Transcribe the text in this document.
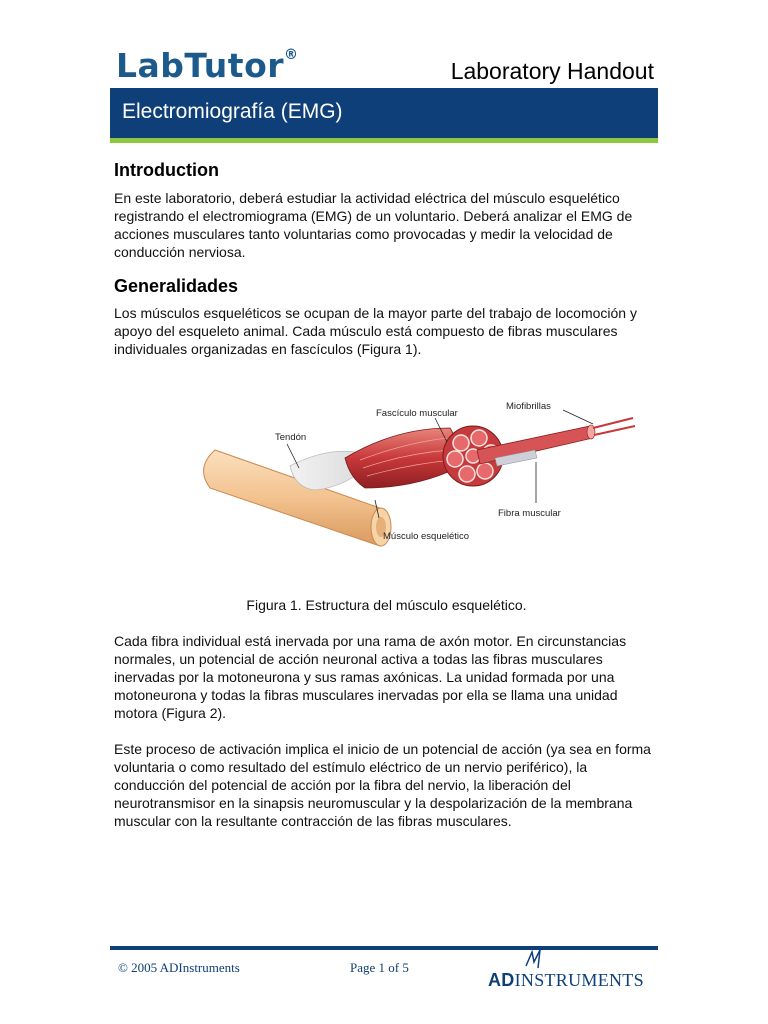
LabTutor®
Laboratory Handout
Electromiografía (EMG)
Introduction

En este laboratorio, deberá estudiar la actividad eléctrica del músculo esquelético registrando el electromiograma (EMG) de un voluntario. Deberá analizar el EMG de acciones musculares tanto voluntarias como provocadas y medir la velocidad de conducción nerviosa.

Generalidades

Los músculos esqueléticos se ocupan de la mayor parte del trabajo de locomoción y apoyo del esqueleto animal. Cada músculo está compuesto de fibras musculares individuales organizadas en fascículos (Figura 1).

Tendón
Fascículo muscular
Miofibrillas
Fibra muscular
Músculo esquelético
Figura 1. Estructura del músculo esquelético.

Cada fibra individual está inervada por una rama de axón motor. En circunstancias normales, un potencial de acción neuronal activa a todas las fibras musculares inervadas por la motoneurona y sus ramas axónicas. La unidad formada por una motoneurona y todas la fibras musculares inervadas por ella se llama una unidad motora (Figura 2).

Este proceso de activación implica el inicio de un potencial de acción (ya sea en forma voluntaria o como resultado del estímulo eléctrico de un nervio periférico), la conducción del potencial de acción por la fibra del nervio, la liberación del neurotransmisor en la sinapsis neuromuscular y la despolarización de la membrana muscular con la resultante contracción de las fibras musculares.

© 2005 ADInstruments	Page 1 of 5
ADINSTRUMENTS
